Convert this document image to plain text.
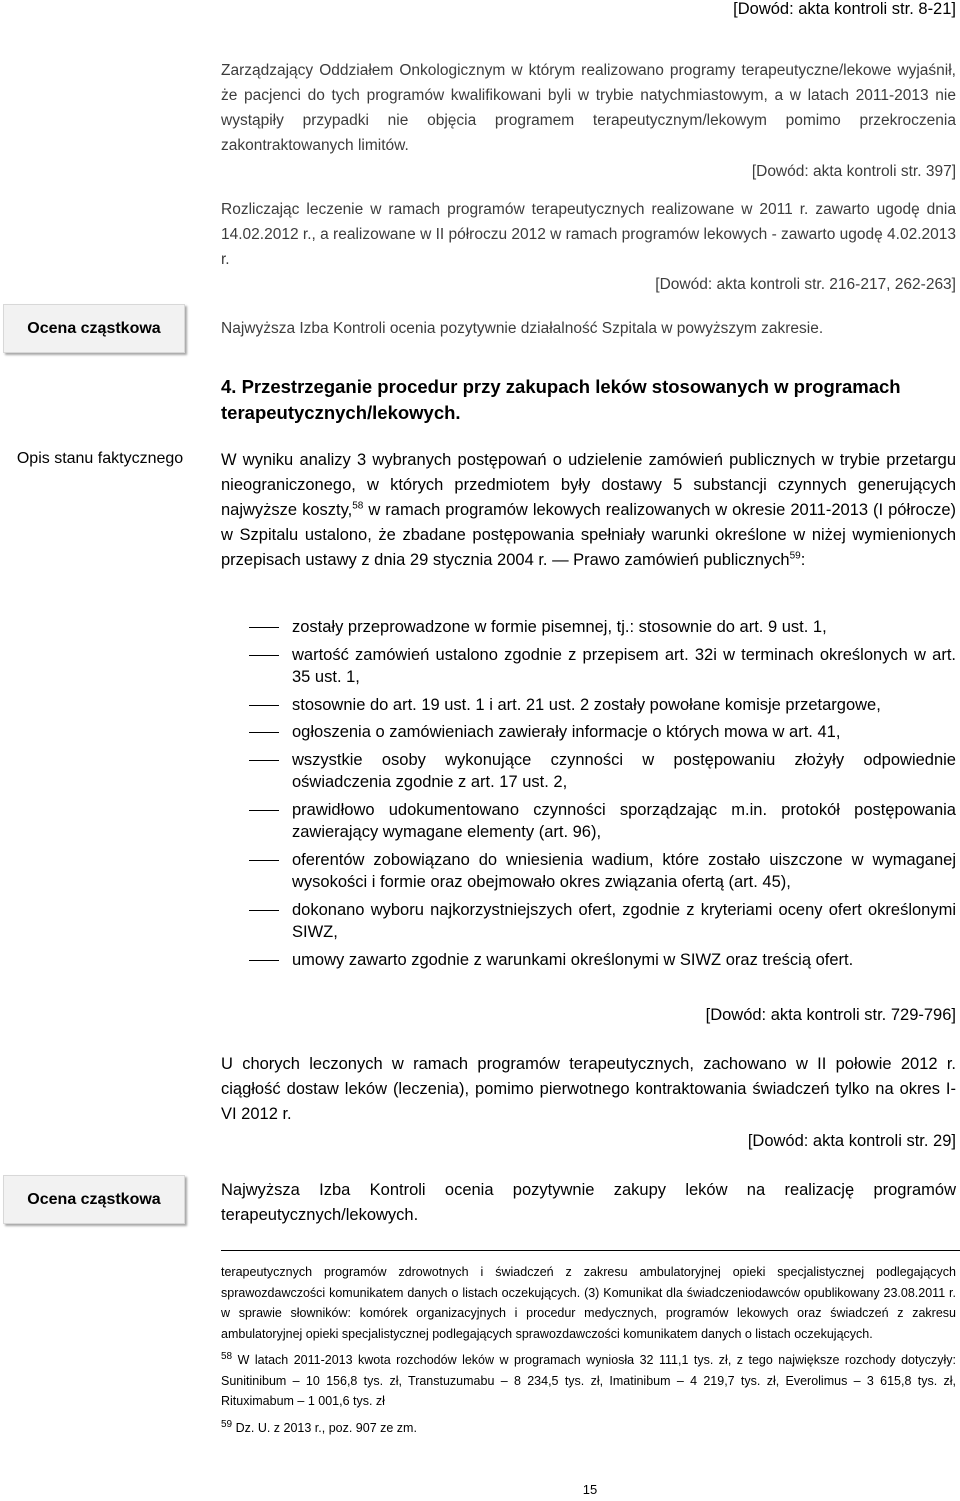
[Dowód: akta kontroli str. 8-21]
Zarządzający Oddziałem Onkologicznym w którym realizowano programy terapeutyczne/lekowe wyjaśnił, że pacjenci do tych programów kwalifikowani byli w trybie natychmiastowym, a w latach 2011-2013 nie wystąpiły przypadki nie objęcia programem terapeutycznym/lekowym pomimo przekroczenia zakontraktowanych limitów.
[Dowód: akta kontroli str. 397]
Rozliczając leczenie w ramach programów terapeutycznych realizowane w 2011 r. zawarto ugodę dnia 14.02.2012 r., a realizowane w II półroczu 2012 w ramach programów lekowych - zawarto ugodę 4.02.2013 r.
[Dowód: akta kontroli str. 216-217, 262-263]
Ocena cząstkowa	Najwyższa Izba Kontroli ocenia pozytywnie działalność Szpitala w powyższym zakresie.
4. Przestrzeganie procedur przy zakupach leków stosowanych w programach terapeutycznych/lekowych.
Opis stanu faktycznego	W wyniku analizy 3 wybranych postępowań o udzielenie zamówień publicznych w trybie przetargu nieograniczonego, w których przedmiotem były dostawy 5 substancji czynnych generujących najwyższe koszty,$^{58}$ w ramach programów lekowych realizowanych w okresie 2011-2013 (I półrocze) w Szpitalu ustalono, że zbadane postępowania spełniały warunki określone w niżej wymienionych przepisach ustawy z dnia 29 stycznia 2004 r. ― Prawo zamówień publicznych$^{59}$:
zostały przeprowadzone w formie pisemnej, tj.: stosownie do art. 9 ust. 1,
wartość zamówień ustalono zgodnie z przepisem art. 32i w terminach określonych w art. 35 ust. 1,
stosownie do art. 19 ust. 1 i art. 21 ust. 2 zostały powołane komisje przetargowe,
ogłoszenia o zamówieniach zawierały informacje o których mowa w art. 41,
wszystkie osoby wykonujące czynności w postępowaniu złożyły odpowiednie oświadczenia zgodnie z art. 17 ust. 2,
prawidłowo udokumentowano czynności sporządzając m.in. protokół postępowania zawierający wymagane elementy (art. 96),
oferentów zobowiązano do wniesienia wadium, które zostało uiszczone w wymaganej wysokości i formie oraz obejmowało okres związania ofertą (art. 45),
dokonano wyboru najkorzystniejszych ofert, zgodnie z kryteriami oceny ofert określonymi SIWZ,
umowy zawarto zgodnie z warunkami określonymi w SIWZ oraz treścią ofert.
[Dowód: akta kontroli str. 729-796]
U chorych leczonych w ramach programów terapeutycznych, zachowano w II połowie 2012 r. ciągłość dostaw leków (leczenia), pomimo pierwotnego kontraktowania świadczeń tylko na okres I-VI 2012 r.
[Dowód: akta kontroli str. 29]
Ocena cząstkowa	Najwyższa Izba Kontroli ocenia pozytywnie zakupy leków na realizację programów terapeutycznych/lekowych.

terapeutycznych programów zdrowotnych i świadczeń z zakresu ambulatoryjnej opieki specjalistycznej podlegających sprawozdawczości komunikatem danych o listach oczekujących. (3) Komunikat dla świadczeniodawców opublikowany 23.08.2011 r. w sprawie słowników: komórek organizacyjnych i procedur medycznych, programów lekowych oraz świadczeń z zakresu ambulatoryjnej opieki specjalistycznej podlegających sprawozdawczości komunikatem danych o listach oczekujących.

$^{58}$ W latach 2011-2013 kwota rozchodów leków w programach wyniosła 32 111,1 tys. zł, z tego największe rozchody dotyczyły: Sunitinibum – 10 156,8 tys. zł, Transtuzumabu – 8 234,5 tys. zł, Imatinibum – 4 219,7 tys. zł, Everolimus – 3 615,8 tys. zł, Rituximabum – 1 001,6 tys. zł

$^{59}$ Dz. U. z 2013 r., poz. 907 ze zm.

15
